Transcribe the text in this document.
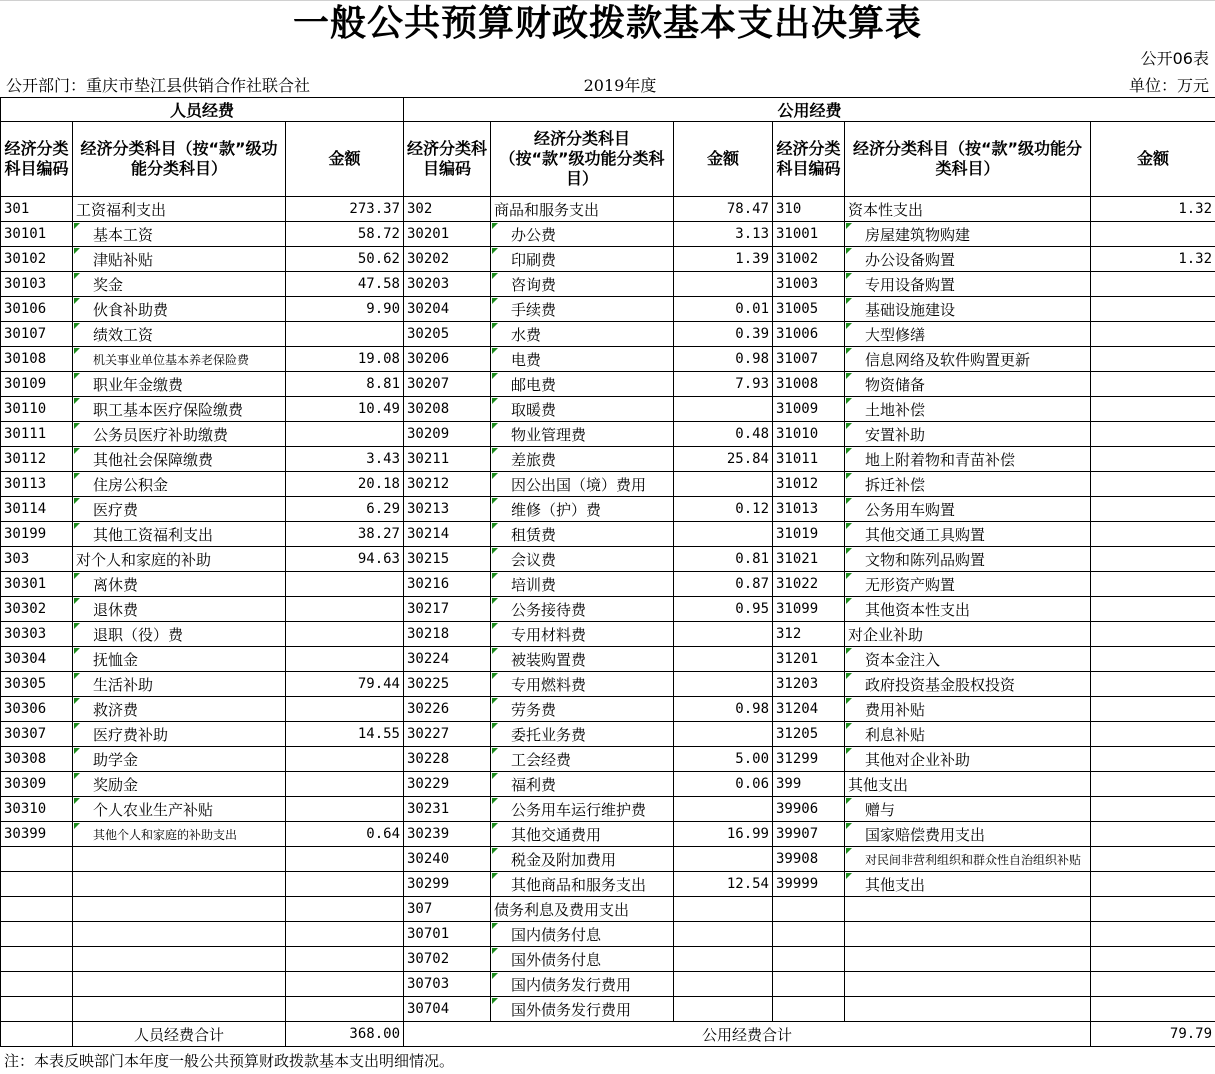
一般公共预算财政拨款基本支出决算表
公开06表
公开部门：重庆市垫江县供销合作社联合社	2019年度	单位：万元
人员经费			公用经费					
经济分类科目编码	经济分类科目（按“款”级功能分类科目）	金额	经济分类科目编码	经济分类科目（按“款”级功能分类科目）	金额	经济分类科目编码	经济分类科目（按“款”级功能分类科目）	金额
301	工资福利支出	273.37	302	商品和服务支出	78.47	310	资本性支出	1.32
30101	基本工资	58.72	30201	办公费	3.13	31001	房屋建筑物购建	
30102	津贴补贴	50.62	30202	印刷费	1.39	31002	办公设备购置	1.32
30103	奖金	47.58	30203	咨询费		31003	专用设备购置	
30106	伙食补助费	9.90	30204	手续费	0.01	31005	基础设施建设	
30107	绩效工资		30205	水费	0.39	31006	大型修缮	
30108	机关事业单位基本养老保险费	19.08	30206	电费	0.98	31007	信息网络及软件购置更新	
30109	职业年金缴费	8.81	30207	邮电费	7.93	31008	物资储备	
30110	职工基本医疗保险缴费	10.49	30208	取暖费		31009	土地补偿	
30111	公务员医疗补助缴费		30209	物业管理费	0.48	31010	安置补助	
30112	其他社会保障缴费	3.43	30211	差旅费	25.84	31011	地上附着物和青苗补偿	
30113	住房公积金	20.18	30212	因公出国（境）费用		31012	拆迁补偿	
30114	医疗费	6.29	30213	维修（护）费	0.12	31013	公务用车购置	
30199	其他工资福利支出	38.27	30214	租赁费		31019	其他交通工具购置	
303	对个人和家庭的补助	94.63	30215	会议费	0.81	31021	文物和陈列品购置	
30301	离休费		30216	培训费	0.87	31022	无形资产购置	
30302	退休费		30217	公务接待费	0.95	31099	其他资本性支出	
30303	退职（役）费		30218	专用材料费		312	对企业补助	
30304	抚恤金		30224	被装购置费		31201	资本金注入	
30305	生活补助	79.44	30225	专用燃料费		31203	政府投资基金股权投资	
30306	救济费		30226	劳务费	0.98	31204	费用补贴	
30307	医疗费补助	14.55	30227	委托业务费		31205	利息补贴	
30308	助学金		30228	工会经费	5.00	31299	其他对企业补助	
30309	奖励金		30229	福利费	0.06	399	其他支出	
30310	个人农业生产补贴		30231	公务用车运行维护费		39906	赠与	
30399	其他个人和家庭的补助支出	0.64	30239	其他交通费用	16.99	39907	国家赔偿费用支出	
			30240	税金及附加费用		39908	对民间非营利组织和群众性自治组织补贴	
			30299	其他商品和服务支出	12.54	39999	其他支出	
			307	债务利息及费用支出				
			30701	国内债务付息				
			30702	国外债务付息				
			30703	国内债务发行费用				
			30704	国外债务发行费用				
	人员经费合计	368.00	公用经费合计					79.79
注：本表反映部门本年度一般公共预算财政拨款基本支出明细情况。
